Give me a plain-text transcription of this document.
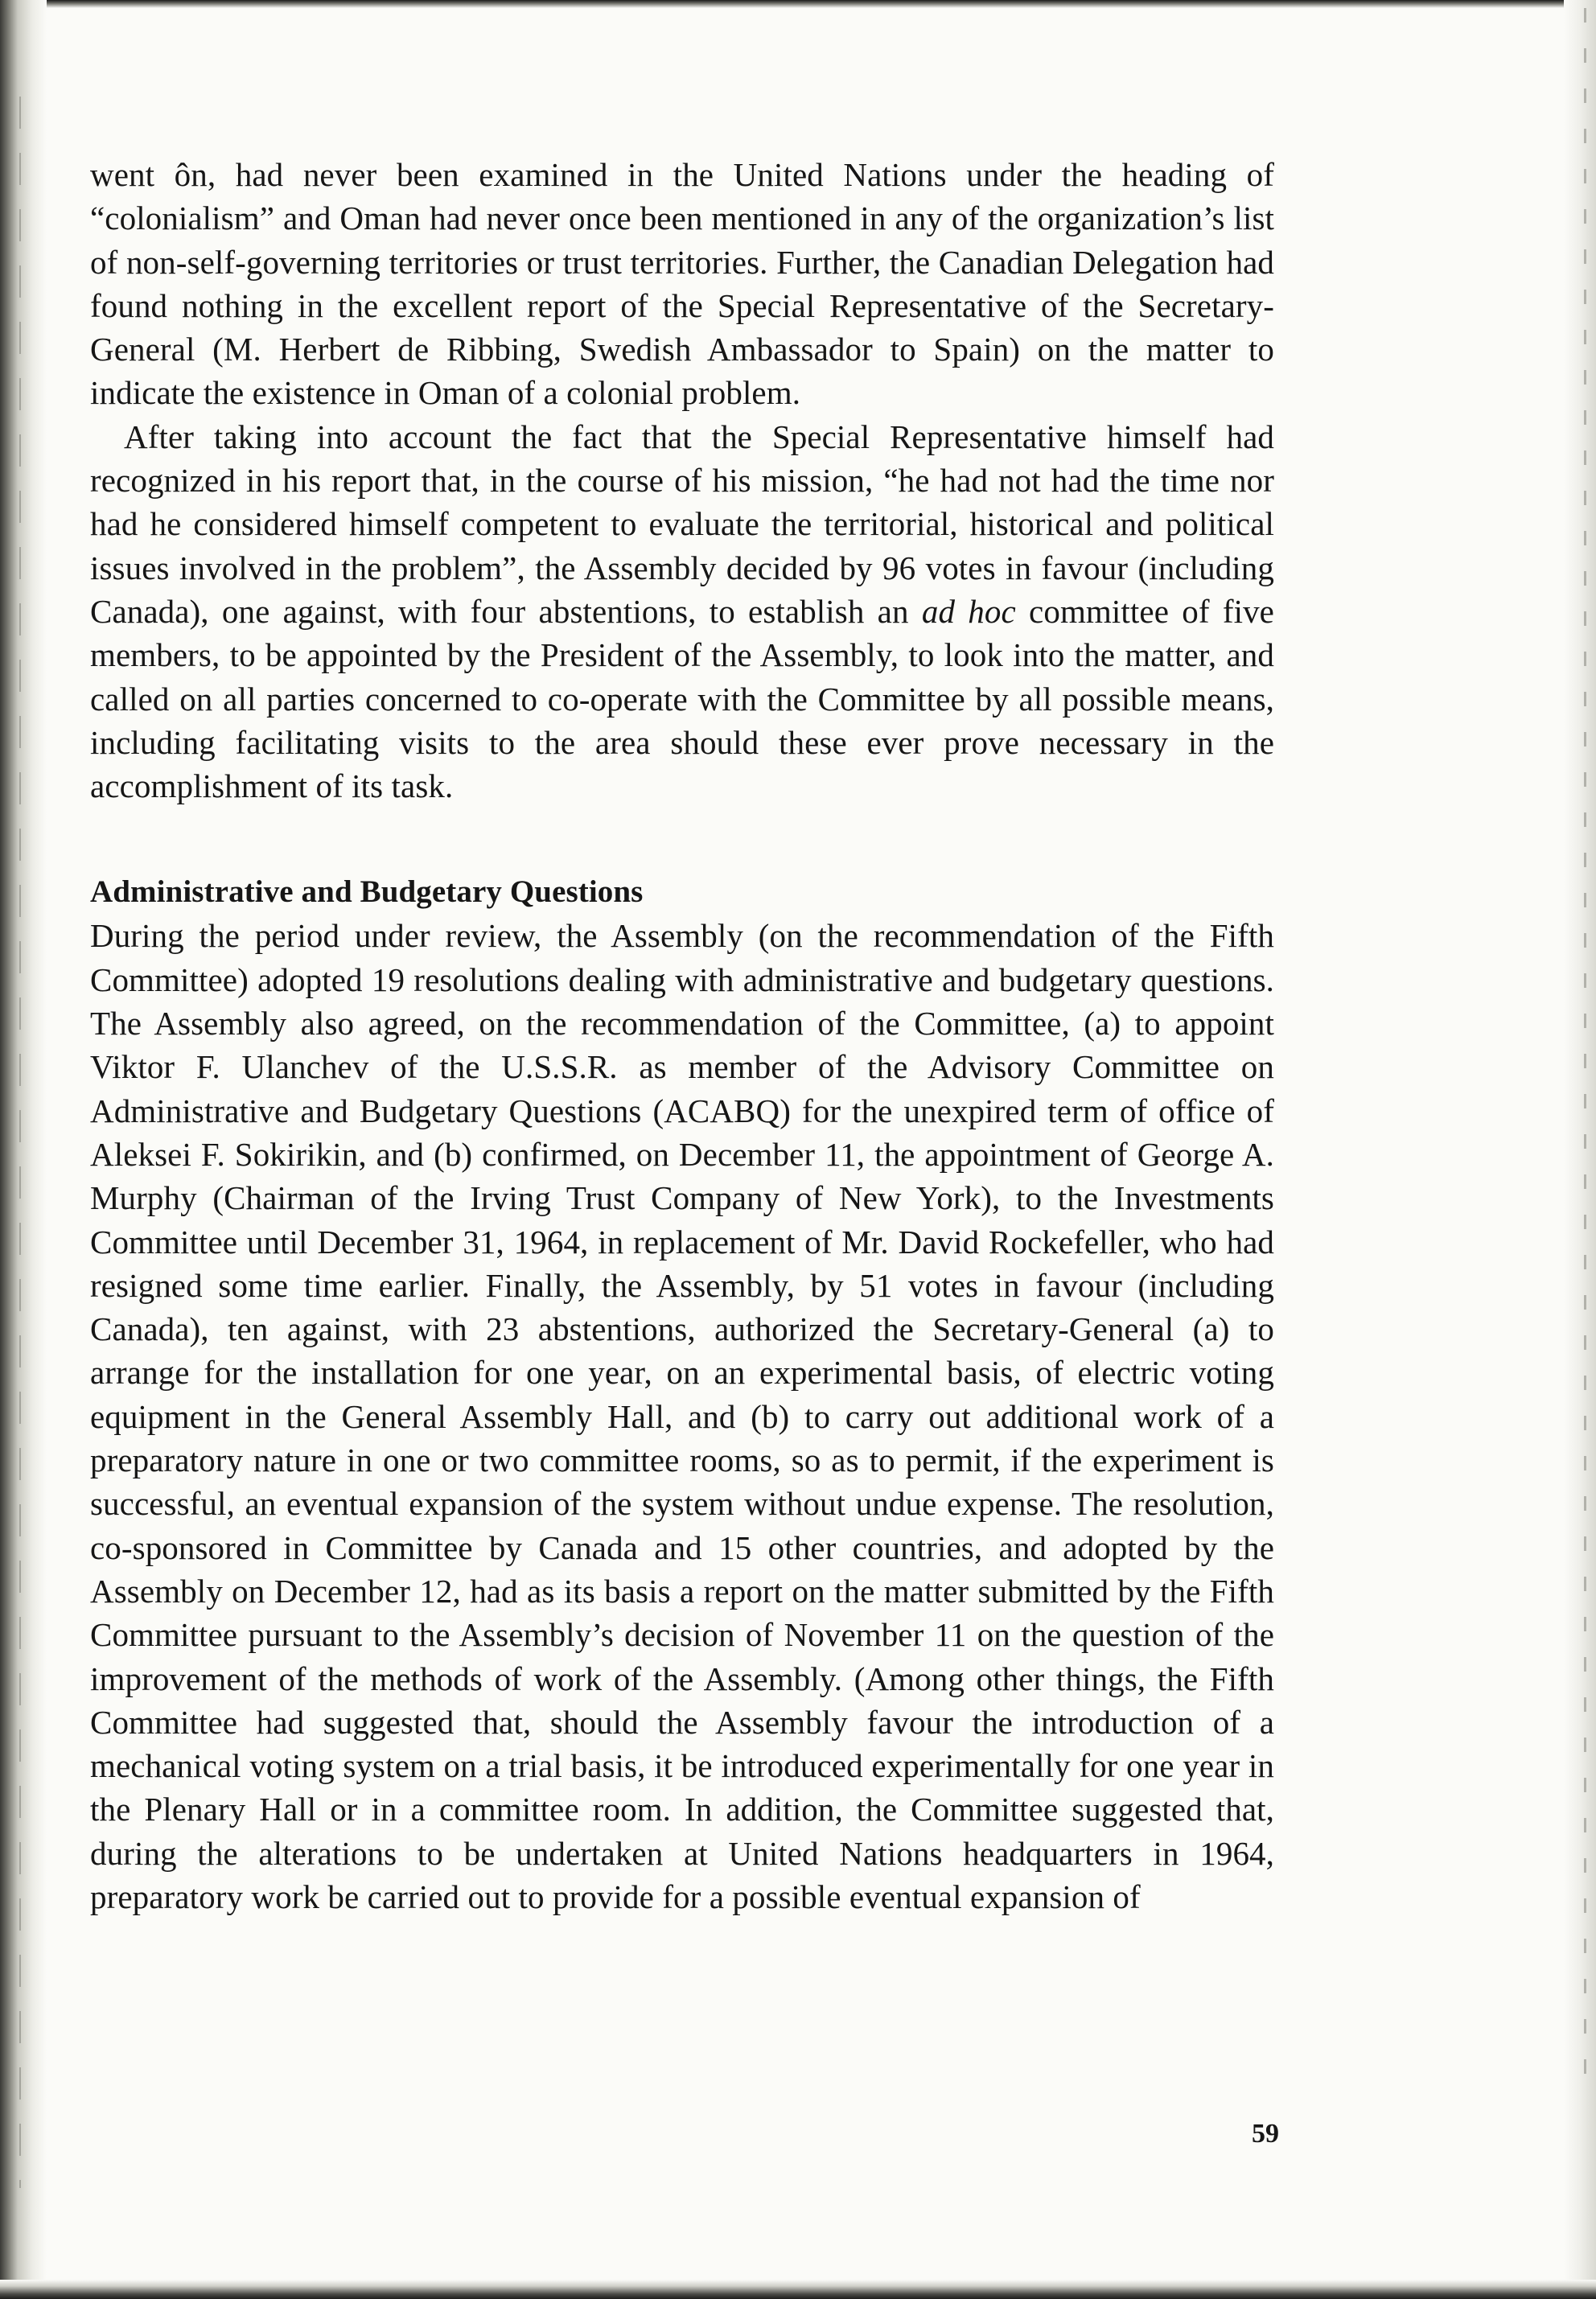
went ôn, had never been examined in the United Nations under the heading of “colonialism” and Oman had never once been mentioned in any of the organization’s list of non-self-governing territories or trust territories. Further, the Canadian Delegation had found nothing in the excellent report of the Special Representative of the Secretary-General (M. Herbert de Ribbing, Swedish Ambassador to Spain) on the matter to indicate the existence in Oman of a colonial problem.

After taking into account the fact that the Special Representative himself had recognized in his report that, in the course of his mission, “he had not had the time nor had he considered himself competent to evaluate the territorial, historical and political issues involved in the problem”, the Assembly decided by 96 votes in favour (including Canada), one against, with four abstentions, to establish an ad hoc committee of five members, to be appointed by the President of the Assembly, to look into the matter, and called on all parties concerned to co-operate with the Committee by all possible means, including facilitating visits to the area should these ever prove necessary in the accomplishment of its task.

Administrative and Budgetary Questions

During the period under review, the Assembly (on the recommendation of the Fifth Committee) adopted 19 resolutions dealing with administrative and budgetary questions. The Assembly also agreed, on the recommendation of the Committee, (a) to appoint Viktor F. Ulanchev of the U.S.S.R. as member of the Advisory Committee on Administrative and Budgetary Questions (ACABQ) for the unexpired term of office of Aleksei F. Sokirikin, and (b) confirmed, on December 11, the appointment of George A. Murphy (Chairman of the Irving Trust Company of New York), to the Investments Committee until December 31, 1964, in replacement of Mr. David Rockefeller, who had resigned some time earlier. Finally, the Assembly, by 51 votes in favour (including Canada), ten against, with 23 abstentions, authorized the Secretary-General (a) to arrange for the installation for one year, on an experimental basis, of electric voting equipment in the General Assembly Hall, and (b) to carry out additional work of a preparatory nature in one or two committee rooms, so as to permit, if the experiment is successful, an eventual expansion of the system without undue expense. The resolution, co-sponsored in Committee by Canada and 15 other countries, and adopted by the Assembly on December 12, had as its basis a report on the matter submitted by the Fifth Committee pursuant to the Assembly’s decision of November 11 on the question of the improvement of the methods of work of the Assembly. (Among other things, the Fifth Committee had suggested that, should the Assembly favour the introduction of a mechanical voting system on a trial basis, it be introduced experimentally for one year in the Plenary Hall or in a committee room. In addition, the Committee suggested that, during the alterations to be undertaken at United Nations headquarters in 1964, preparatory work be carried out to provide for a possible eventual expansion of

59
